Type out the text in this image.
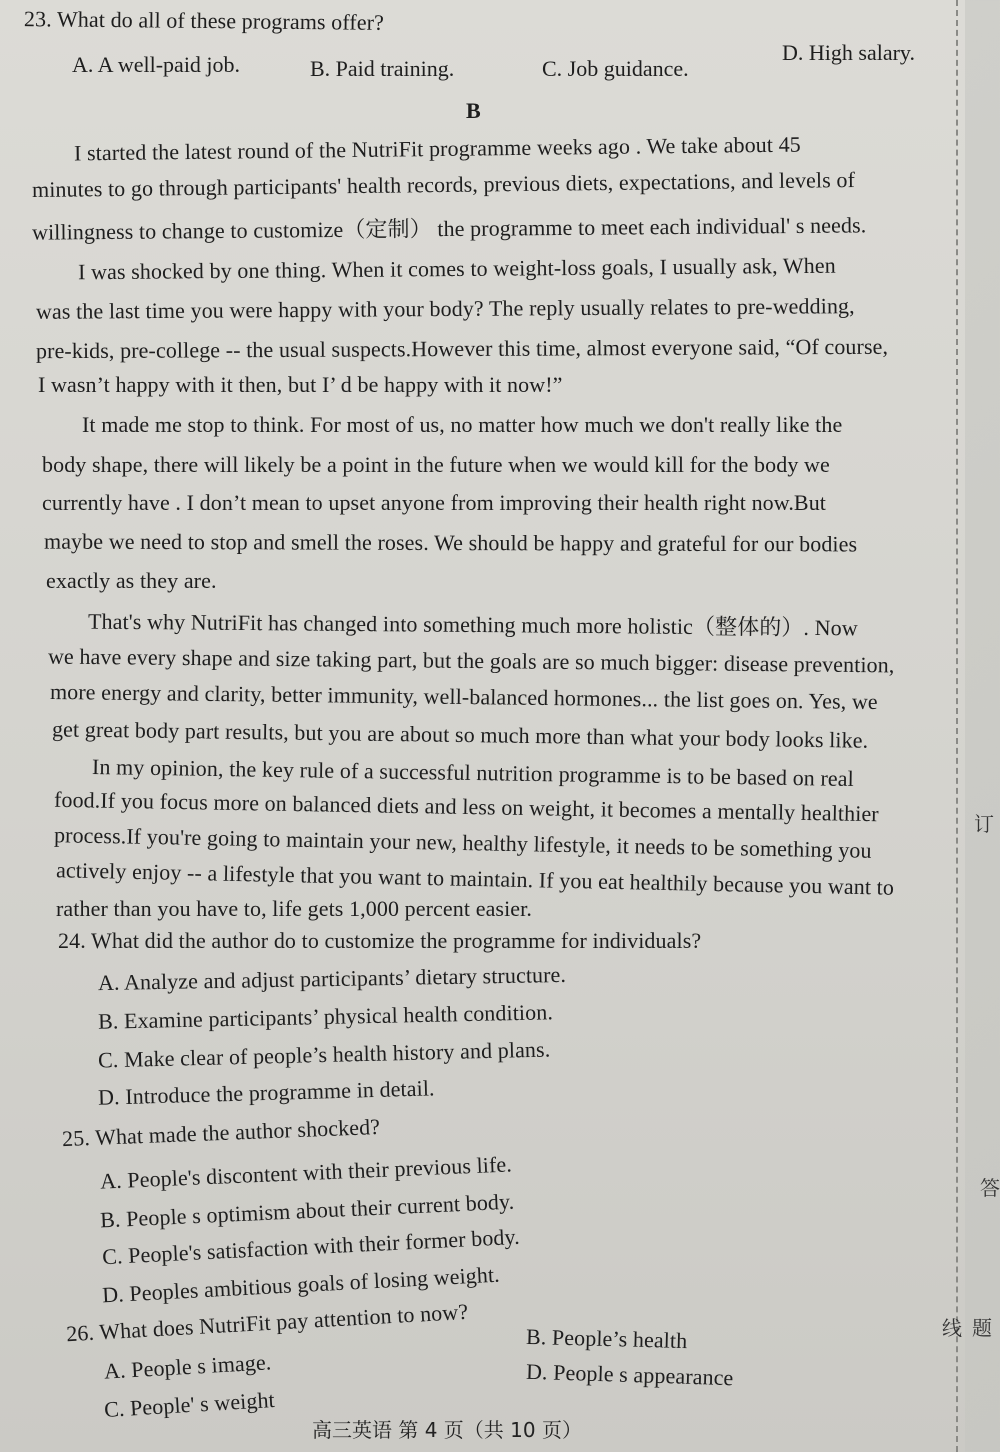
23. What do all of these programs offer?
A. A well-paid job.	B. Paid training.	C. Job guidance.
D. High salary.
B
I started the latest round of the NutriFit programme weeks ago . We take about 45
minutes to go through participants' health records, previous diets, expectations, and levels of
willingness to change to customize（定制） the programme to meet each individual' s needs.
I was shocked by one thing. When it comes to weight-loss goals, I usually ask, When
was the last time you were happy with your body? The reply usually relates to pre-wedding,
pre-kids, pre-college -- the usual suspects.However this time, almost everyone said, “Of course,
I wasn’t happy with it then, but I’ d be happy with it now!”
It made me stop to think. For most of us, no matter how much we don't really like the
body shape, there will likely be a point in the future when we would kill for the body we
currently have . I don’t mean to upset anyone from improving their health right now.But
maybe we need to stop and smell the roses. We should be happy and grateful for our bodies
exactly as they are.
That's why NutriFit has changed into something much more holistic（整体的）. Now
we have every shape and size taking part, but the goals are so much bigger: disease prevention,
more energy and clarity, better immunity, well-balanced hormones... the list goes on. Yes, we
get great body part results, but you are about so much more than what your body looks like.
In my opinion, the key rule of a successful nutrition programme is to be based on real
food.If you focus more on balanced diets and less on weight, it becomes a mentally healthier
process.If you're going to maintain your new, healthy lifestyle, it needs to be something you
actively enjoy -- a lifestyle that you want to maintain. If you eat healthily because you want to
rather than you have to, life gets 1,000 percent easier.
24. What did the author do to customize the programme for individuals?
A. Analyze and adjust participants’ dietary structure.
B. Examine participants’ physical health condition.
C. Make clear of people’s health history and plans.
D. Introduce the programme in detail.
25. What made the author shocked?
A. People's discontent with their previous life.
B. People s optimism about their current body.
C. People's satisfaction with their former body.
D. Peoples ambitious goals of losing weight.
26. What does NutriFit pay attention to now?
A. People s image.
B. People’s health
C. People' s weight
D. People s appearance
高三英语 第 4 页（共 10 页）
订
答
线 题
